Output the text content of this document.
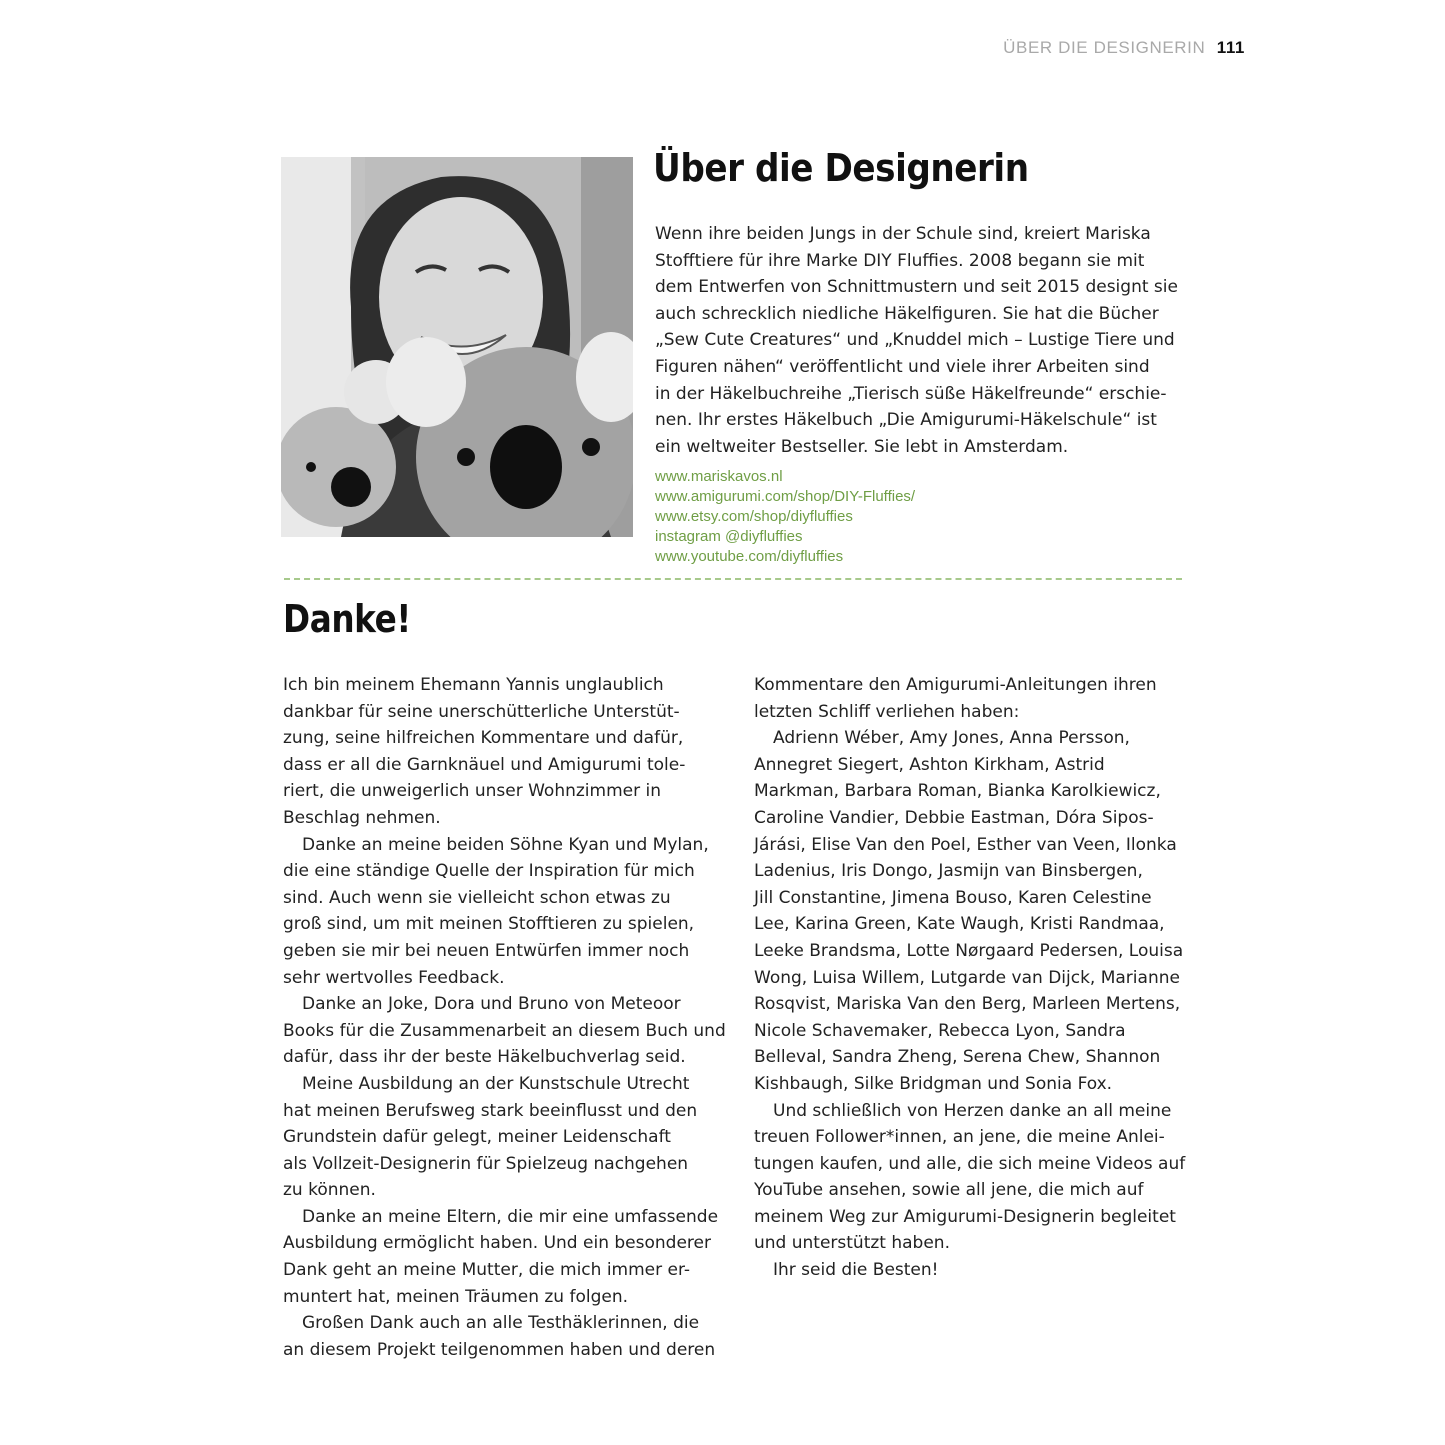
ÜBER DIE DESIGNERIN 111
Über die Designerin

Wenn ihre beiden Jungs in der Schule sind, kreiert Mariska
Stofftiere für ihre Marke DIY Fluffies. 2008 begann sie mit
dem Entwerfen von Schnittmustern und seit 2015 designt sie
auch schrecklich niedliche Häkelfiguren. Sie hat die Bücher
„Sew Cute Creatures“ und „Knuddel mich – Lustige Tiere und
Figuren nähen“ veröffentlicht und viele ihrer Arbeiten sind
in der Häkelbuchreihe „Tierisch süße Häkelfreunde“ erschie-
nen. Ihr erstes Häkelbuch „Die Amigurumi-Häkelschule“ ist
ein weltweiter Bestseller. Sie lebt in Amsterdam.

www.mariskavos.nl
www.amigurumi.com/shop/DIY-Fluffies/
www.etsy.com/shop/diyfluffies
instagram @diyfluffies
www.youtube.com/diyfluffies
Danke!

Ich bin meinem Ehemann Yannis unglaublich
dankbar für seine unerschütterliche Unterstüt-
zung, seine hilfreichen Kommentare und dafür,
dass er all die Garnknäuel und Amigurumi tole-
riert, die unweigerlich unser Wohnzimmer in
Beschlag nehmen.

Danke an meine beiden Söhne Kyan und Mylan,
die eine ständige Quelle der Inspiration für mich
sind. Auch wenn sie vielleicht schon etwas zu
groß sind, um mit meinen Stofftieren zu spielen,
geben sie mir bei neuen Entwürfen immer noch
sehr wertvolles Feedback.

Danke an Joke, Dora und Bruno von Meteoor
Books für die Zusammenarbeit an diesem Buch und
dafür, dass ihr der beste Häkelbuchverlag seid.

Meine Ausbildung an der Kunstschule Utrecht
hat meinen Berufsweg stark beeinflusst und den
Grundstein dafür gelegt, meiner Leidenschaft
als Vollzeit-Designerin für Spielzeug nachgehen
zu können.

Danke an meine Eltern, die mir eine umfassende
Ausbildung ermöglicht haben. Und ein besonderer
Dank geht an meine Mutter, die mich immer er-
muntert hat, meinen Träumen zu folgen.

Großen Dank auch an alle Testhäklerinnen, die
an diesem Projekt teilgenommen haben und deren

Kommentare den Amigurumi-Anleitungen ihren
letzten Schliff verliehen haben:

Adrienn Wéber, Amy Jones, Anna Persson,
Annegret Siegert, Ashton Kirkham, Astrid
Markman, Barbara Roman, Bianka Karolkiewicz,
Caroline Vandier, Debbie Eastman, Dóra Sipos-
Járási, Elise Van den Poel, Esther van Veen, Ilonka
Ladenius, Iris Dongo, Jasmijn van Binsbergen,
Jill Constantine, Jimena Bouso, Karen Celestine
Lee, Karina Green, Kate Waugh, Kristi Randmaa,
Leeke Brandsma, Lotte Nørgaard Pedersen, Louisa
Wong, Luisa Willem, Lutgarde van Dijck, Marianne
Rosqvist, Mariska Van den Berg, Marleen Mertens,
Nicole Schavemaker, Rebecca Lyon, Sandra
Belleval, Sandra Zheng, Serena Chew, Shannon
Kishbaugh, Silke Bridgman und Sonia Fox.

Und schließlich von Herzen danke an all meine
treuen Follower*innen, an jene, die meine Anlei-
tungen kaufen, und alle, die sich meine Videos auf
YouTube ansehen, sowie all jene, die mich auf
meinem Weg zur Amigurumi-Designerin begleitet
und unterstützt haben.

Ihr seid die Besten!
